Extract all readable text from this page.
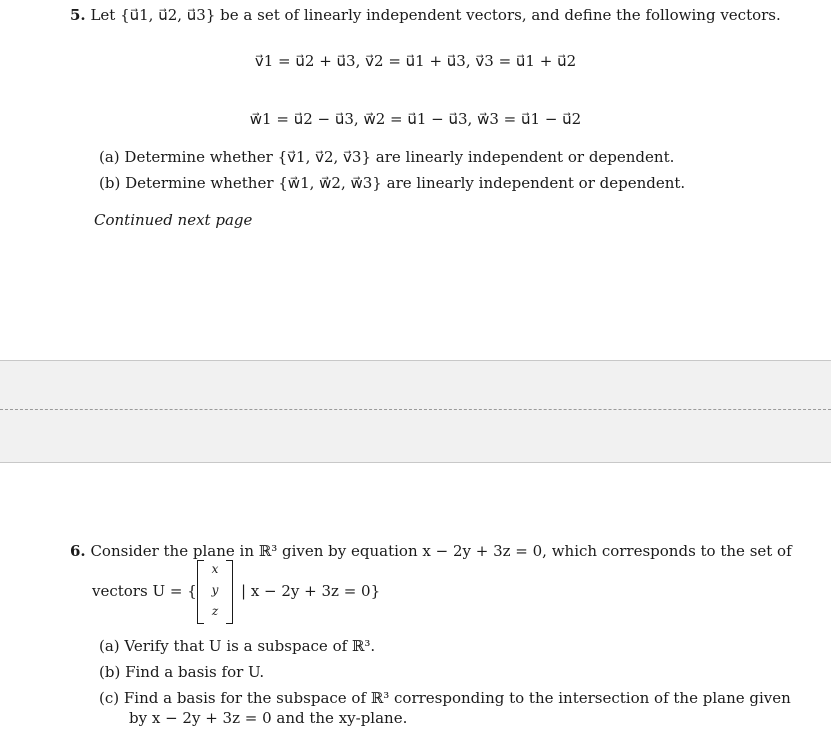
5. Let {u⃗1, u⃗2, u⃗3} be a set of linearly independent vectors, and define the following vectors.
v⃗1 = u⃗2 + u⃗3, v⃗2 = u⃗1 + u⃗3, v⃗3 = u⃗1 + u⃗2
w⃗1 = u⃗2 − u⃗3, w⃗2 = u⃗1 − u⃗3, w⃗3 = u⃗1 − u⃗2
(a) Determine whether {v⃗1, v⃗2, v⃗3} are linearly independent or dependent.
(b) Determine whether {w⃗1, w⃗2, w⃗3} are linearly independent or dependent.
Continued next page
6. Consider the plane in ℝ³ given by equation x − 2y + 3z = 0, which corresponds to the set of
vectors U = {
x
y
z
| x − 2y + 3z = 0}
(a) Verify that U is a subspace of ℝ³.
(b) Find a basis for U.
(c) Find a basis for the subspace of ℝ³ corresponding to the intersection of the plane given
by x − 2y + 3z = 0 and the xy-plane.
